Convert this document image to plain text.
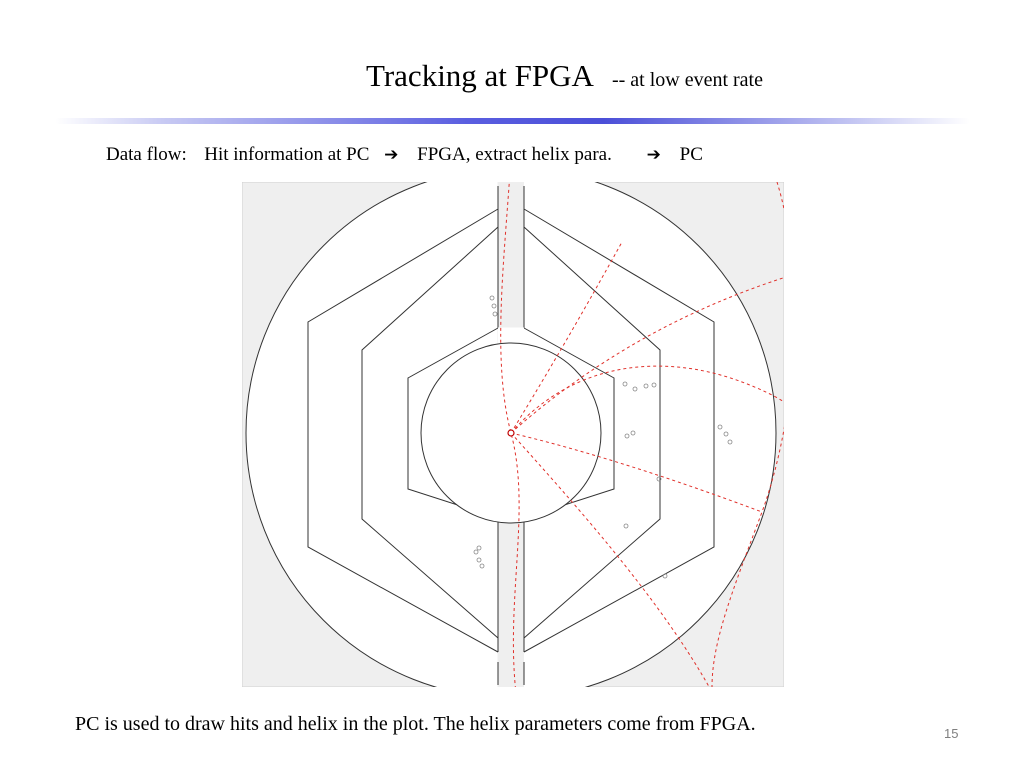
Tracking at FPGA -- at low event rate
Data flow: Hit information at PC ➔ FPGA, extract helix para. ➔ PC
PC is used to draw hits and helix in the plot. The helix parameters come from FPGA.	15
